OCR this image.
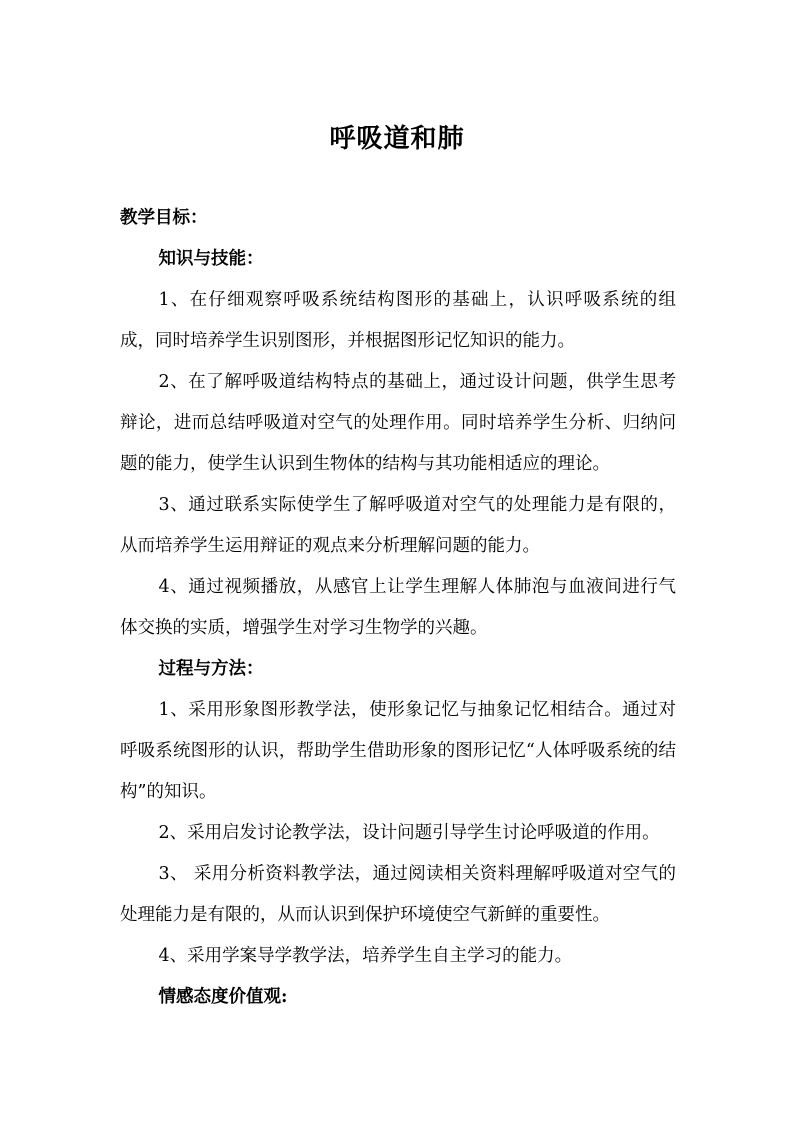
呼吸道和肺

教学目标：

知识与技能：

1、在仔细观察呼吸系统结构图形的基础上，认识呼吸系统的组成，同时培养学生识别图形，并根据图形记忆知识的能力。

2、在了解呼吸道结构特点的基础上，通过设计问题，供学生思考辩论，进而总结呼吸道对空气的处理作用。同时培养学生分析、归纳问题的能力，使学生认识到生物体的结构与其功能相适应的理论。

3、通过联系实际使学生了解呼吸道对空气的处理能力是有限的，从而培养学生运用辩证的观点来分析理解问题的能力。

4、通过视频播放，从感官上让学生理解人体肺泡与血液间进行气体交换的实质，增强学生对学习生物学的兴趣。

过程与方法：

1、采用形象图形教学法，使形象记忆与抽象记忆相结合。通过对呼吸系统图形的认识，帮助学生借助形象的图形记忆“人体呼吸系统的结构”的知识。

2、采用启发讨论教学法，设计问题引导学生讨论呼吸道的作用。

3、 采用分析资料教学法，通过阅读相关资料理解呼吸道对空气的处理能力是有限的，从而认识到保护环境使空气新鲜的重要性。

4、采用学案导学教学法，培养学生自主学习的能力。

情感态度价值观:
